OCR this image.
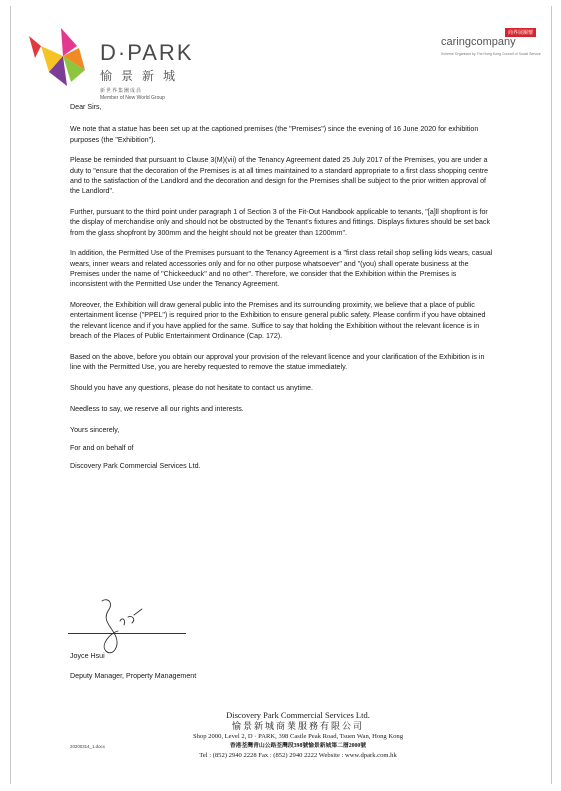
D·PARK
愉景新城
新世界集團成員
Member of New World Group
商界展關懷
caringcompany
Scheme Organised by The Hong Kong Council of Social Service

Dear Sirs,

We note that a statue has been set up at the captioned premises (the "Premises") since the evening of 16 June 2020 for exhibition purposes (the "Exhibition").

Please be reminded that pursuant to Clause 3(M)(vii) of the Tenancy Agreement dated 25 July 2017 of the Premises, you are under a duty to "ensure that the decoration of the Premises is at all times maintained to a standard appropriate to a first class shopping centre and to the satisfaction of the Landlord and the decoration and design for the Premises shall be subject to the prior written approval of the Landlord".

Further, pursuant to the third point under paragraph 1 of Section 3 of the Fit-Out Handbook applicable to tenants, "[a]ll shopfront is for the display of merchandise only and should not be obstructed by the Tenant's fixtures and fittings. Displays fixtures should be set back from the glass shopfront by 300mm and the height should not be greater than 1200mm".

In addition, the Permitted Use of the Premises pursuant to the Tenancy Agreement is a "first class retail shop selling kids wears, casual wears, inner wears and related accessories only and for no other purpose whatsoever" and "(you) shall operate business at the Premises under the name of "Chickeeduck" and no other". Therefore, we consider that the Exhibition within the Premises is inconsistent with the Permitted Use under the Tenancy Agreement.

Moreover, the Exhibition will draw general public into the Premises and its surrounding proximity, we believe that a place of public entertainment license ("PPEL") is required prior to the Exhibition to ensure general public safety. Please confirm if you have obtained the relevant licence and if you have applied for the same. Suffice to say that holding the Exhibition without the relevant licence is in breach of the Places of Public Entertainment Ordinance (Cap. 172).

Based on the above, before you obtain our approval your provision of the relevant licence and your clarification of the Exhibition is in line with the Permitted Use, you are hereby requested to remove the statue immediately.

Should you have any questions, please do not hesitate to contact us anytime.

Needless to say, we reserve all our rights and interests.

Yours sincerely,

For and on behalf of

Discovery Park Commercial Services Ltd.

Joyce Hsui
Deputy Manager, Property Management
Discovery Park Commercial Services Ltd.
愉景新城商業服務有限公司
Shop 2000, Level 2, D · PARK, 398 Castle Peak Road, Tsuen Wan, Hong Kong
香港荃灣青山公路荃灣段398號愉景新城第二層2000號
Tel : (852) 2940 2228 Fax : (852) 2940 2222 Website : www.dpark.com.hk
20200314_1.docx
